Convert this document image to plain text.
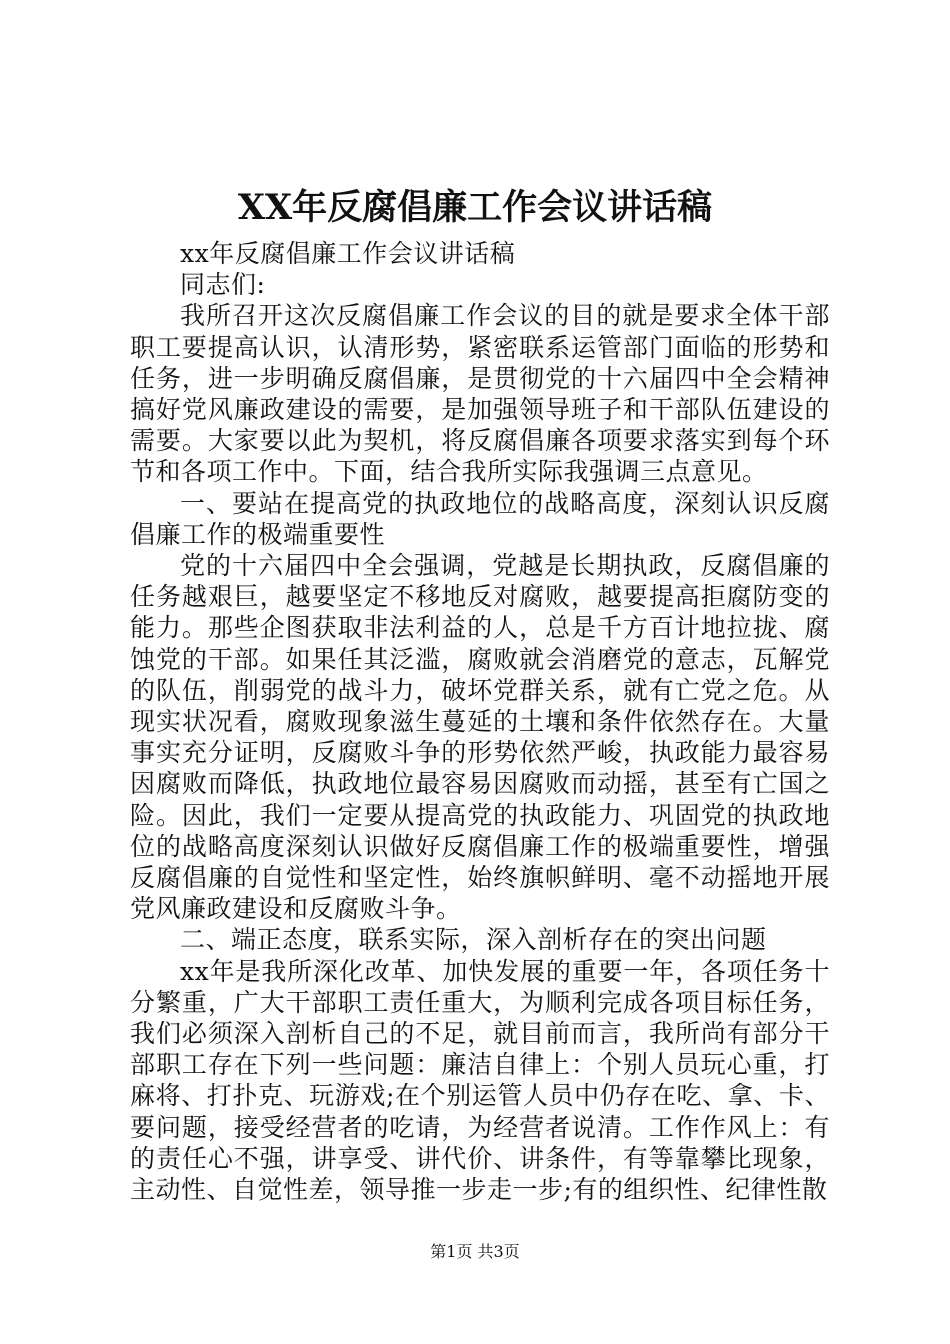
XX年反腐倡廉工作会议讲话稿

xx年反腐倡廉工作会议讲话稿

同志们:

我所召开这次反腐倡廉工作会议的目的就是要求全体干部职工要提高认识，认清形势，紧密联系运管部门面临的形势和任务，进一步明确反腐倡廉，是贯彻党的十六届四中全会精神搞好党风廉政建设的需要，是加强领导班子和干部队伍建设的需要。大家要以此为契机，将反腐倡廉各项要求落实到每个环节和各项工作中。下面，结合我所实际我强调三点意见。

一、要站在提高党的执政地位的战略高度，深刻认识反腐倡廉工作的极端重要性

党的十六届四中全会强调，党越是长期执政，反腐倡廉的任务越艰巨，越要坚定不移地反对腐败，越要提高拒腐防变的能力。那些企图获取非法利益的人，总是千方百计地拉拢、腐蚀党的干部。如果任其泛滥，腐败就会消磨党的意志，瓦解党的队伍，削弱党的战斗力，破坏党群关系，就有亡党之危。从现实状况看，腐败现象滋生蔓延的土壤和条件依然存在。大量事实充分证明，反腐败斗争的形势依然严峻，执政能力最容易因腐败而降低，执政地位最容易因腐败而动摇，甚至有亡国之险。因此，我们一定要从提高党的执政能力、巩固党的执政地位的战略高度深刻认识做好反腐倡廉工作的极端重要性，增强反腐倡廉的自觉性和坚定性，始终旗帜鲜明、毫不动摇地开展党风廉政建设和反腐败斗争。

二、端正态度，联系实际，深入剖析存在的突出问题

xx年是我所深化改革、加快发展的重要一年，各项任务十分繁重，广大干部职工责任重大，为顺利完成各项目标任务，我们必须深入剖析自己的不足，就目前而言，我所尚有部分干部职工存在下列一些问题：廉洁自律上：个别人员玩心重，打麻将、打扑克、玩游戏;在个别运管人员中仍存在吃、拿、卡、要问题，接受经营者的吃请，为经营者说清。工作作风上：有的责任心不强，讲享受、讲代价、讲条件，有等靠攀比现象，主动性、自觉性差，领导推一步走一步;有的组织性、纪律性散

第1页 共3页
